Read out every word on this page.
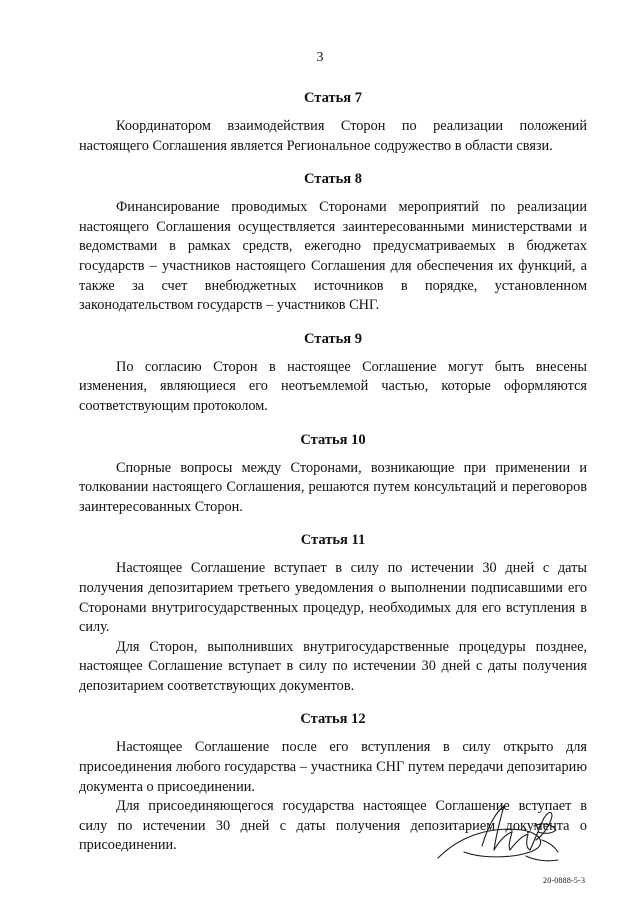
3
Статья 7

Координатором взаимодействия Сторон по реализации положений настоящего Соглашения является Региональное содружество в области связи.

Статья 8

Финансирование проводимых Сторонами мероприятий по реализации настоящего Соглашения осуществляется заинтересованными министерствами и ведомствами в рамках средств, ежегодно предусматриваемых в бюджетах государств – участников настоящего Соглашения для обеспечения их функций, а также за счет внебюджетных источников в порядке, установленном законодательством государств – участников СНГ.

Статья 9

По согласию Сторон в настоящее Соглашение могут быть внесены изменения, являющиеся его неотъемлемой частью, которые оформляются соответствующим протоколом.

Статья 10

Спорные вопросы между Сторонами, возникающие при применении и толковании настоящего Соглашения, решаются путем консультаций и переговоров заинтересованных Сторон.

Статья 11

Настоящее Соглашение вступает в силу по истечении 30 дней с даты получения депозитарием третьего уведомления о выполнении подписавшими его Сторонами внутригосударственных процедур, необходимых для его вступления в силу.

Для Сторон, выполнивших внутригосударственные процедуры позднее, настоящее Соглашение вступает в силу по истечении 30 дней с даты получения депозитарием соответствующих документов.

Статья 12

Настоящее Соглашение после его вступления в силу открыто для присоединения любого государства – участника СНГ путем передачи депозитарию документа о присоединении.

Для присоединяющегося государства настоящее Соглашение вступает в силу по истечении 30 дней с даты получения депозитарием документа о присоединении.

20-0888-5-3
